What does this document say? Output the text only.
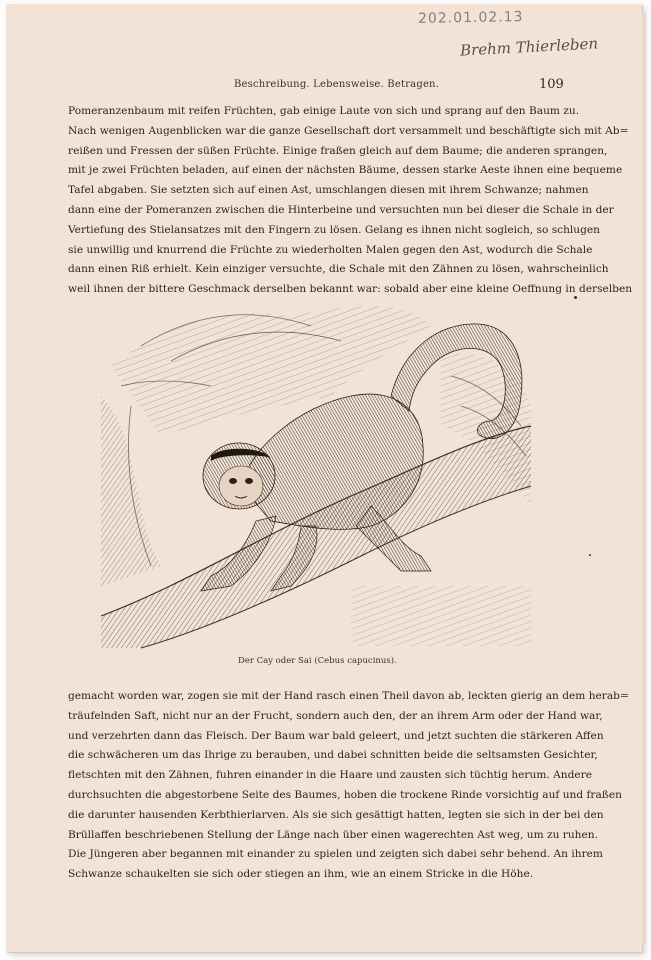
202.01.02.13
Brehm Thierleben
Beschreibung. Lebensweise. Betragen.	109
Pomeranzenbaum mit reifen Früchten, gab einige Laute von sich und sprang auf den Baum zu.
Nach wenigen Augenblicken war die ganze Gesellschaft dort versammelt und beschäftigte sich mit Ab=
reißen und Fressen der süßen Früchte. Einige fraßen gleich auf dem Baume; die anderen sprangen,
mit je zwei Früchten beladen, auf einen der nächsten Bäume, dessen starke Aeste ihnen eine bequeme
Tafel abgaben. Sie setzten sich auf einen Ast, umschlangen diesen mit ihrem Schwanze; nahmen
dann eine der Pomeranzen zwischen die Hinterbeine und versuchten nun bei dieser die Schale in der
Vertiefung des Stielansatzes mit den Fingern zu lösen. Gelang es ihnen nicht sogleich, so schlugen
sie unwillig und knurrend die Früchte zu wiederholten Malen gegen den Ast, wodurch die Schale
dann einen Riß erhielt. Kein einziger versuchte, die Schale mit den Zähnen zu lösen, wahrscheinlich
weil ihnen der bittere Geschmack derselben bekannt war: sobald aber eine kleine Oeffnung in derselben
Der Cay oder Sai (Cebus capucinus).
gemacht worden war, zogen sie mit der Hand rasch einen Theil davon ab, leckten gierig an dem herab=
träufelnden Saft, nicht nur an der Frucht, sondern auch den, der an ihrem Arm oder der Hand war,
und verzehrten dann das Fleisch. Der Baum war bald geleert, und jetzt suchten die stärkeren Affen
die schwächeren um das Ihrige zu berauben, und dabei schnitten beide die seltsamsten Gesichter,
fletschten mit den Zähnen, fuhren einander in die Haare und zausten sich tüchtig herum. Andere
durchsuchten die abgestorbene Seite des Baumes, hoben die trockene Rinde vorsichtig auf und fraßen
die darunter hausenden Kerbthierlarven. Als sie sich gesättigt hatten, legten sie sich in der bei den
Brüllaffen beschriebenen Stellung der Länge nach über einen wagerechten Ast weg, um zu ruhen.
Die Jüngeren aber begannen mit einander zu spielen und zeigten sich dabei sehr behend. An ihrem
Schwanze schaukelten sie sich oder stiegen an ihm, wie an einem Stricke in die Höhe.
